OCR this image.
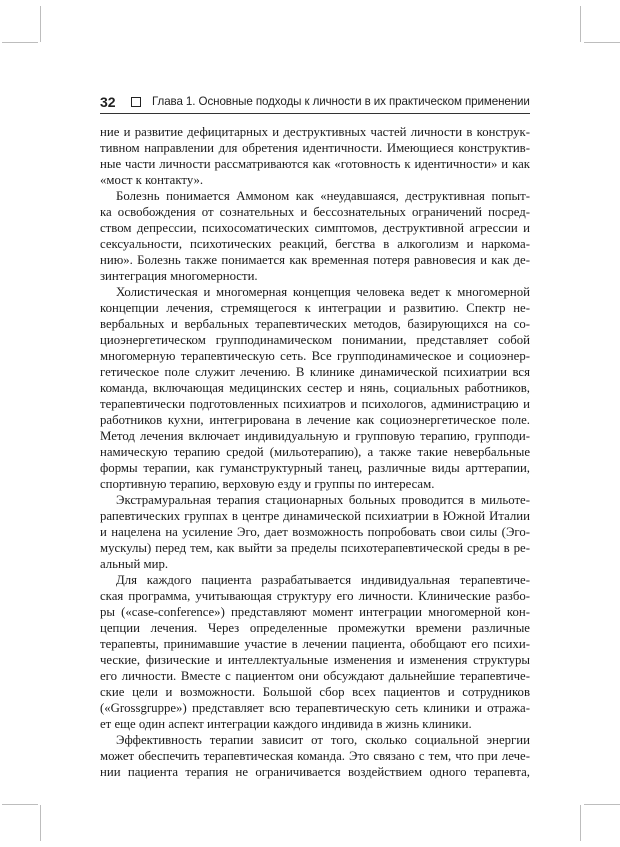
32	Глава 1. Основные подходы к личности в их практическом применении
ние и развитие дефицитарных и деструктивных частей личности в конструк-
тивном направлении для обретения идентичности. Имеющиеся конструктив-
ные части личности рассматриваются как «готовность к идентичности» и как
«мост к контакту».
Болезнь понимается Аммоном как «неудавшаяся, деструктивная попыт-
ка освобождения от сознательных и бессознательных ограничений посред-
ством депрессии, психосоматических симптомов, деструктивной агрессии и
сексуальности, психотических реакций, бегства в алкоголизм и наркома-
нию». Болезнь также понимается как временная потеря равновесия и как де-
зинтеграция многомерности.
Холистическая и многомерная концепция человека ведет к многомерной
концепции лечения, стремящегося к интеграции и развитию. Спектр не-
вербальных и вербальных терапевтических методов, базирующихся на со-
циоэнергетическом групподинамическом понимании, представляет собой
многомерную терапевтическую сеть. Все групподинамическое и социоэнер-
гетическое поле служит лечению. В клинике динамической психиатрии вся
команда, включающая медицинских сестер и нянь, социальных работников,
терапевтически подготовленных психиатров и психологов, администрацию и
работников кухни, интегрирована в лечение как социоэнергетическое поле.
Метод лечения включает индивидуальную и групповую терапию, групподи-
намическую терапию средой (мильотерапию), а также такие невербальные
формы терапии, как гуманструктурный танец, различные виды арттерапии,
спортивную терапию, верховую езду и группы по интересам.
Экстрамуральная терапия стационарных больных проводится в мильоте-
рапевтических группах в центре динамической психиатрии в Южной Италии
и нацелена на усиление Эго, дает возможность попробовать свои силы (Эго-
мускулы) перед тем, как выйти за пределы психотерапевтической среды в ре-
альный мир.
Для каждого пациента разрабатывается индивидуальная терапевтиче-
ская программа, учитывающая структуру его личности. Клинические разбо-
ры («case-conference») представляют момент интеграции многомерной кон-
цепции лечения. Через определенные промежутки времени различные
терапевты, принимавшие участие в лечении пациента, обобщают его психи-
ческие, физические и интеллектуальные изменения и изменения структуры
его личности. Вместе с пациентом они обсуждают дальнейшие терапевтиче-
ские цели и возможности. Большой сбор всех пациентов и сотрудников
(«Grossgruppe») представляет всю терапевтическую сеть клиники и отража-
ет еще один аспект интеграции каждого индивида в жизнь клиники.
Эффективность терапии зависит от того, сколько социальной энергии
может обеспечить терапевтическая команда. Это связано с тем, что при лече-
нии пациента терапия не ограничивается воздействием одного терапевта,
